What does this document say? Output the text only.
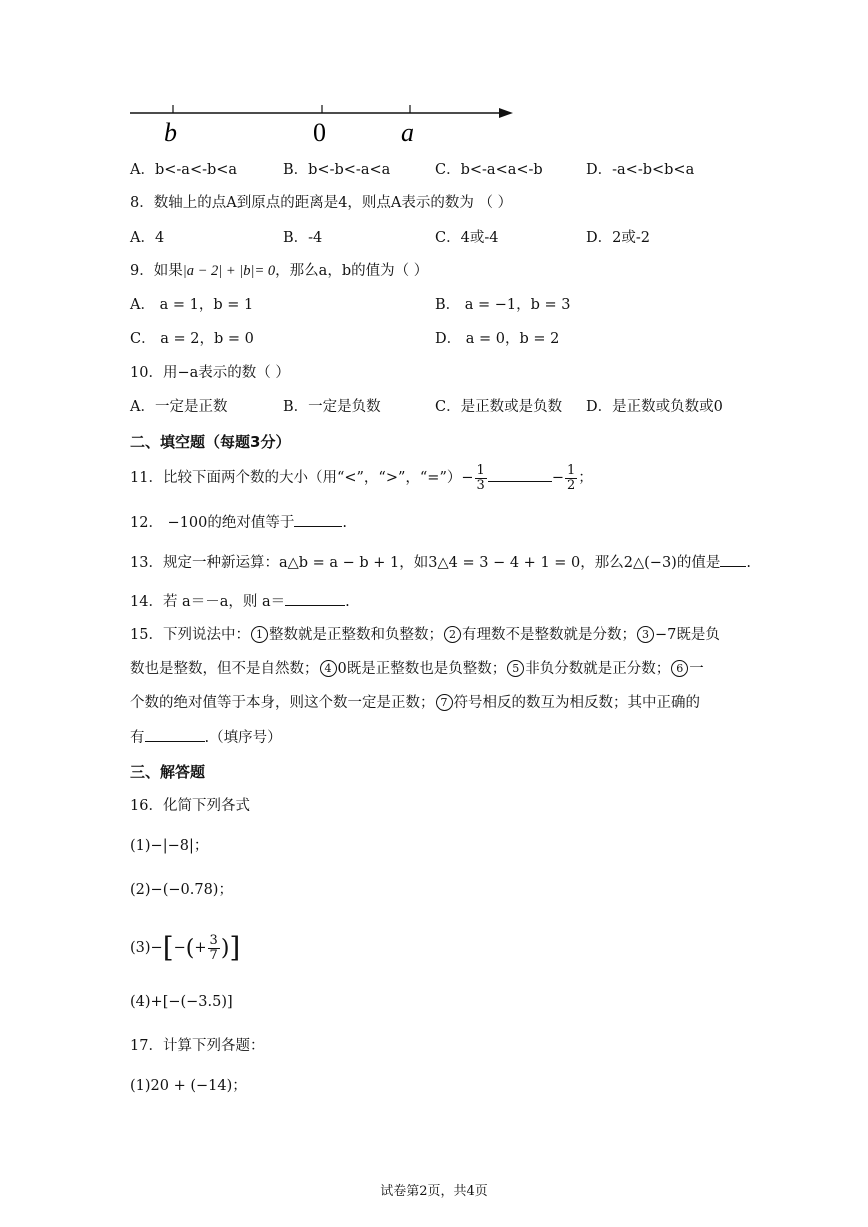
b	0	a
A．b<-a<-b<a	B．b<-b<-a<a	C．b<-a<a<-b	D．-a<-b<b<a
8．数轴上的点A到原点的距离是4，则点A表示的数为 （ ）
A．4	B．-4	C．4或-4	D．2或-2
9．如果|a − 2| + |b|= 0，那么a，b的值为（ ）
A． a = 1，b = 1	B． a = −1，b = 3
C． a = 2，b = 0	D． a = 0，b = 2
10．用−a表示的数（ ）
A．一定是正数	B．一定是负数	C．是正数或是负数 D．是正数或负数或0
二、填空题（每题3分）
11．比较下面两个数的大小（用“<”，“>”，“=”）− $\frac{1}{3}$	− $\frac{1}{2}$ ；
12． −100的绝对值等于	.
13．规定一种新运算：a△b = a − b + 1，如3△4 = 3 − 4 + 1 = 0，那么2△(−3)的值是 .
14．若 a＝－a，则 a＝	.
15．下列说法中： 1 整数就是正整数和负整数； 2 有理数不是整数就是分数； 3 −7既是负
数也是整数，但不是自然数； 4 0既是正整数也是负整数； 5 非负分数就是正分数； 6 一
个数的绝对值等于本身，则这个数一定是正数； 7 符号相反的数互为相反数；其中正确的
有	.（填序号）
三、解答题
16．化简下列各式
(1)−|−8|；
(2)−(−0.78)；
$(3)-[-(+ \frac{3}{7}$ )]
(4)+[−(−3.5)]
17．计算下列各题：
(1)20 + (−14)；
试卷第2页，共4页
